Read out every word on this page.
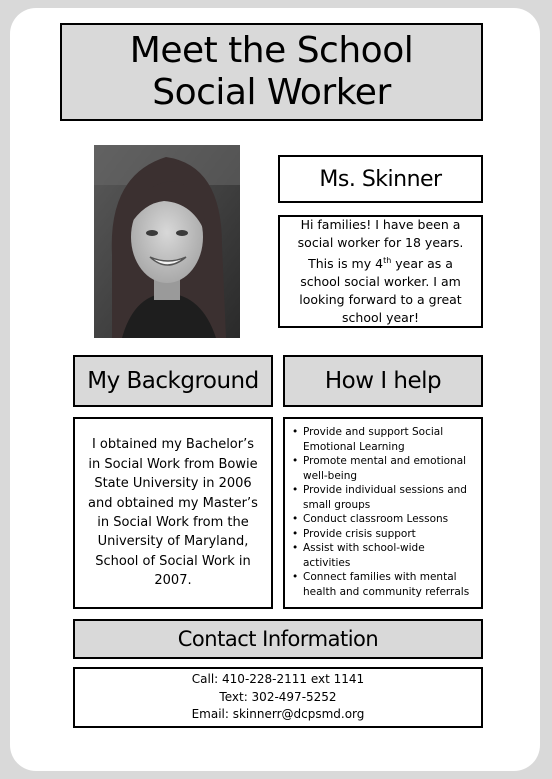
Meet the School
Social Worker
Ms. Skinner

Hi families! I have been a social worker for 18 years. This is my 4th year as a school social worker. I am looking forward to a great school year!

My Background	How I help

I obtained my Bachelor’s in Social Work from Bowie State University in 2006 and obtained my Master’s in Social Work from the University of Maryland, School of Social Work in 2007.

• Provide and support Social Emotional Learning
• Promote mental and emotional well-being
• Provide individual sessions and small groups
• Conduct classroom Lessons
• Provide crisis support
• Assist with school-wide activities
• Connect families with mental health and community referrals
Contact Information

Call: 410-228-2111 ext 1141

Text: 302-497-5252

Email: skinnerr@dcpsmd.org
